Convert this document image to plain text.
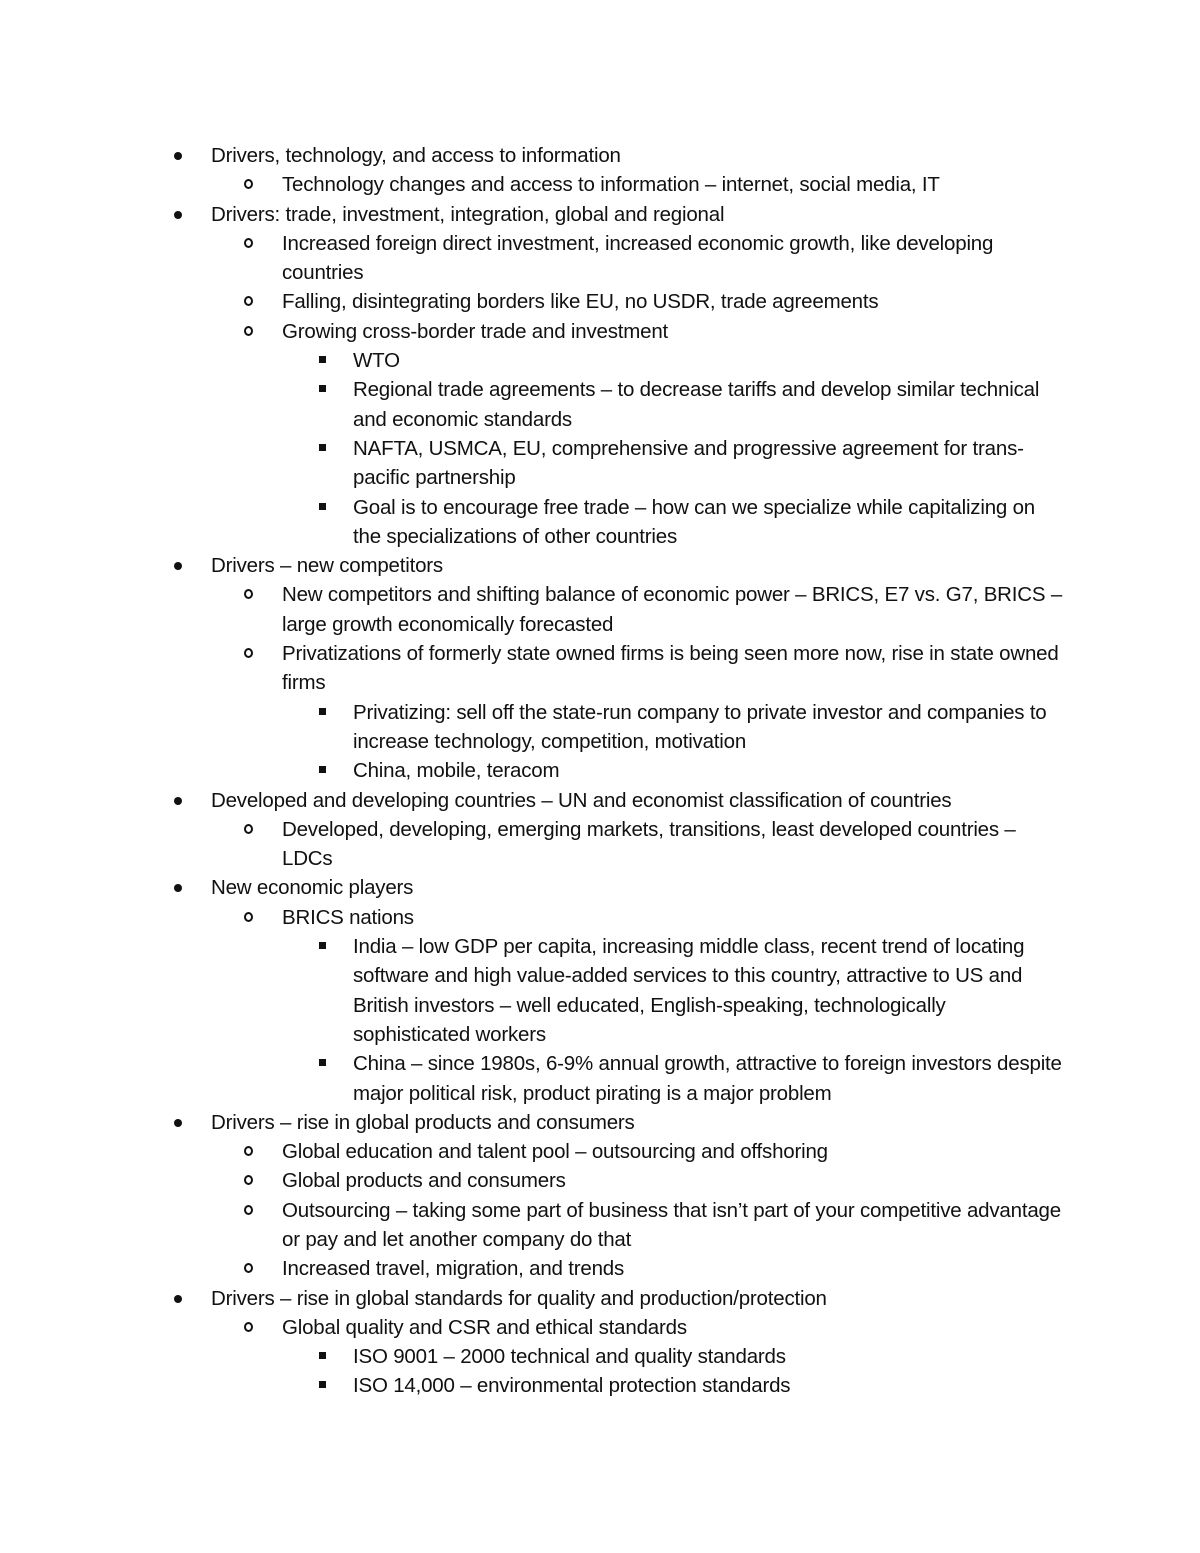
Drivers, technology, and access to information
Technology changes and access to information – internet, social media, IT
Drivers: trade, investment, integration, global and regional
Increased foreign direct investment, increased economic growth, like developing countries
Falling, disintegrating borders like EU, no USDR, trade agreements
Growing cross-border trade and investment
WTO
Regional trade agreements – to decrease tariffs and develop similar technical and economic standards
NAFTA, USMCA, EU, comprehensive and progressive agreement for trans-pacific partnership
Goal is to encourage free trade – how can we specialize while capitalizing on the specializations of other countries
Drivers – new competitors
New competitors and shifting balance of economic power – BRICS, E7 vs. G7, BRICS – large growth economically forecasted
Privatizations of formerly state owned firms is being seen more now, rise in state owned firms
Privatizing: sell off the state-run company to private investor and companies to increase technology, competition, motivation
China, mobile, teracom
Developed and developing countries – UN and economist classification of countries
Developed, developing, emerging markets, transitions, least developed countries – LDCs
New economic players
BRICS nations
India – low GDP per capita, increasing middle class, recent trend of locating software and high value-added services to this country, attractive to US and British investors – well educated, English-speaking, technologically sophisticated workers
China – since 1980s, 6-9% annual growth, attractive to foreign investors despite major political risk, product pirating is a major problem
Drivers – rise in global products and consumers
Global education and talent pool – outsourcing and offshoring
Global products and consumers
Outsourcing – taking some part of business that isn’t part of your competitive advantage or pay and let another company do that
Increased travel, migration, and trends
Drivers – rise in global standards for quality and production/protection
Global quality and CSR and ethical standards
ISO 9001 – 2000 technical and quality standards
ISO 14,000 – environmental protection standards
